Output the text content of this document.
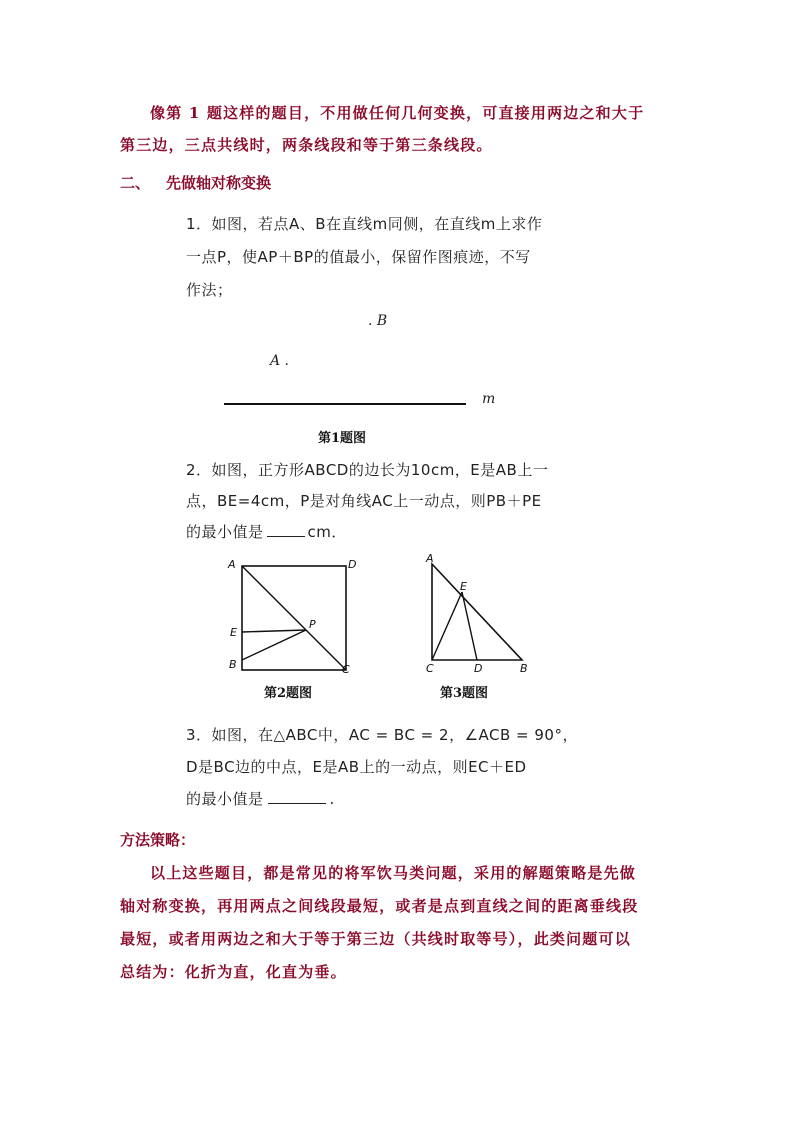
像第 1 题这样的题目，不用做任何几何变换，可直接用两边之和大于
第三边，三点共线时，两条线段和等于第三条线段。
二、 先做轴对称变换
1．如图，若点A、B在直线m同侧，在直线m上求作
一点P，使AP＋BP的值最小，保留作图痕迹，不写
作法；
. B
A .
m
第1题图
2．如图，正方形ABCD的边长为10cm，E是AB上一
点，BE=4cm，P是对角线AC上一动点，则PB＋PE
的最小值是	cm．
A	D
E
P
B	C
第2题图
A
E
C	D	B
第3题图
3．如图，在△ABC中，AC = BC = 2，∠ACB = 90°，
D是BC边的中点，E是AB上的一动点，则EC＋ED
的最小值是	.
方法策略：
以上这些题目，都是常见的将军饮马类问题，采用的解题策略是先做
轴对称变换，再用两点之间线段最短，或者是点到直线之间的距离垂线段
最短，或者用两边之和大于等于第三边（共线时取等号），此类问题可以
总结为：化折为直，化直为垂。
